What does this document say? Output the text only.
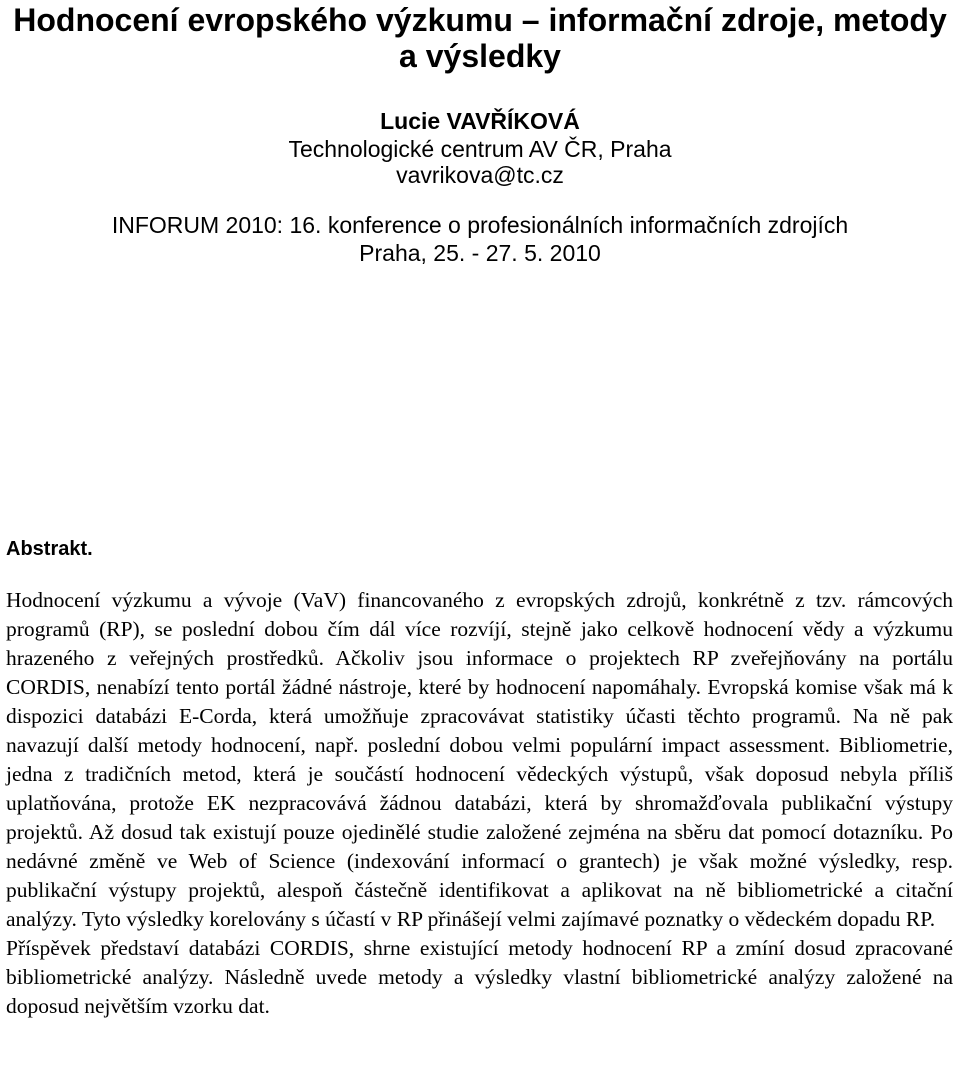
Hodnocení evropského výzkumu – informační zdroje, metody a výsledky
Lucie VAVŘÍKOVÁ
Technologické centrum AV ČR, Praha
vavrikova@tc.cz
INFORUM 2010: 16. konference o profesionálních informačních zdrojích
Praha, 25. - 27. 5. 2010
Abstrakt.

Hodnocení výzkumu a vývoje (VaV) financovaného z evropských zdrojů, konkrétně z tzv. rámcových programů (RP), se poslední dobou čím dál více rozvíjí, stejně jako celkově hodnocení vědy a výzkumu hrazeného z veřejných prostředků. Ačkoliv jsou informace o projektech RP zveřejňovány na portálu CORDIS, nenabízí tento portál žádné nástroje, které by hodnocení napomáhaly. Evropská komise však má k dispozici databázi E-Corda, která umožňuje zpracovávat statistiky účasti těchto programů. Na ně pak navazují další metody hodnocení, např. poslední dobou velmi populární impact assessment. Bibliometrie, jedna z tradičních metod, která je součástí hodnocení vědeckých výstupů, však doposud nebyla příliš uplatňována, protože EK nezpracovává žádnou databázi, která by shromažďovala publikační výstupy projektů. Až dosud tak existují pouze ojedinělé studie založené zejména na sběru dat pomocí dotazníku. Po nedávné změně ve Web of Science (indexování informací o grantech) je však možné výsledky, resp. publikační výstupy projektů, alespoň částečně identifikovat a aplikovat na ně bibliometrické a citační analýzy. Tyto výsledky korelovány s účastí v RP přinášejí velmi zajímavé poznatky o vědeckém dopadu RP.

Příspěvek představí databázi CORDIS, shrne existující metody hodnocení RP a zmíní dosud zpracované bibliometrické analýzy. Následně uvede metody a výsledky vlastní bibliometrické analýzy založené na doposud největším vzorku dat.
